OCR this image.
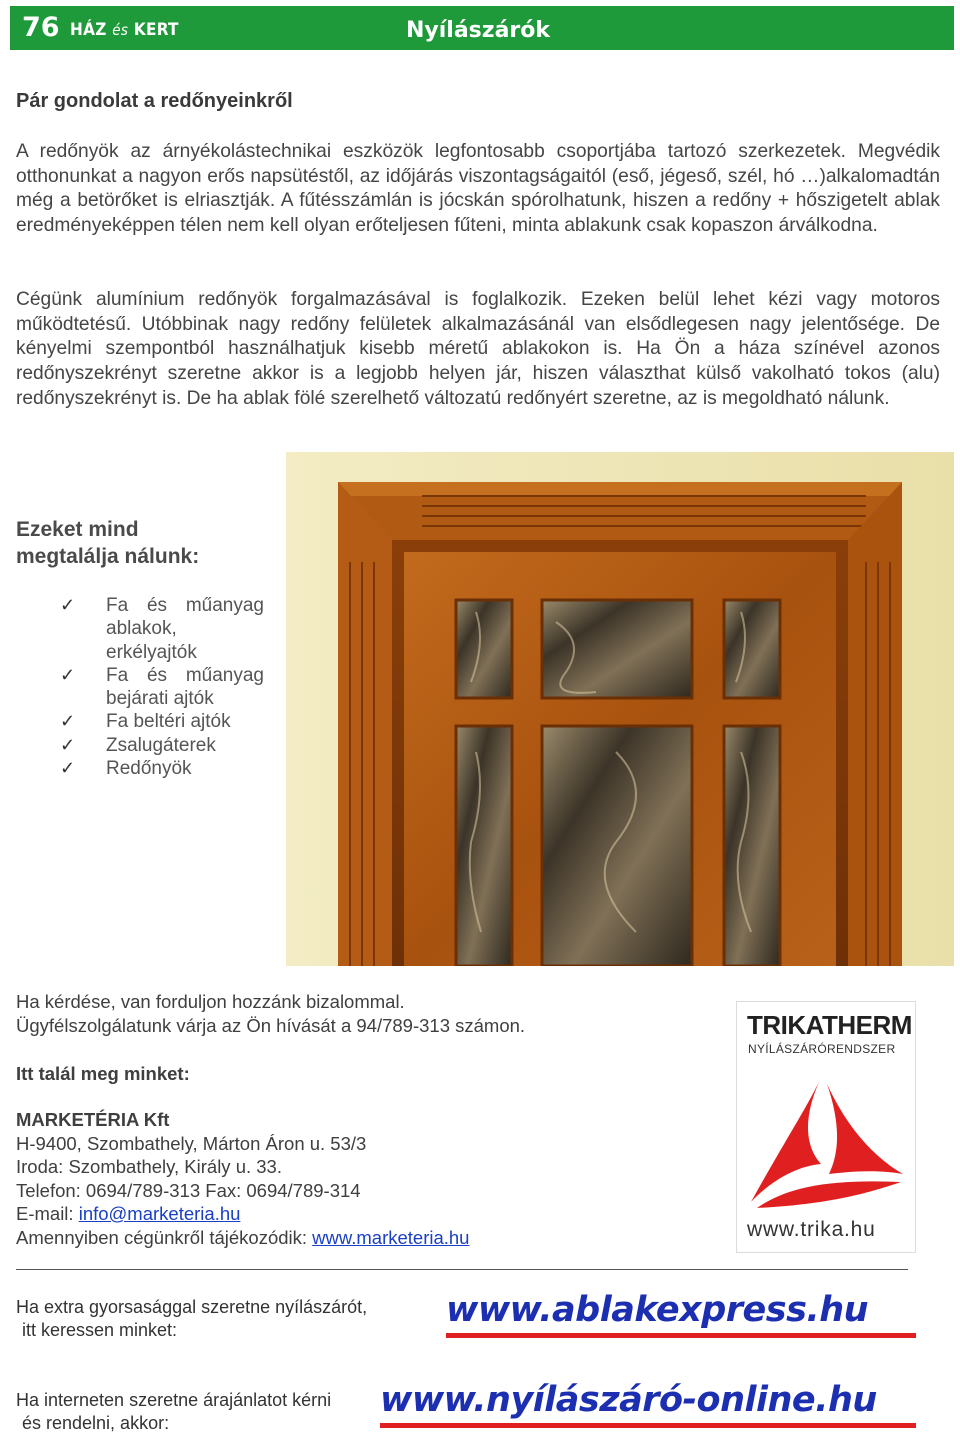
76 HÁZ és KERT	Nyílászárók
Pár gondolat a redőnyeinkről

A redőnyök az árnyékolástechnikai eszközök legfontosabb csoportjába tartozó szerkezetek. Megvédik otthonunkat a nagyon erős napsütéstől, az időjárás viszontagságaitól (eső, jégeső, szél, hó …)alkalomadtán még a betörőket is elriasztják. A fűtésszámlán is jócskán spórolhatunk, hiszen a redőny + hőszigetelt ablak eredményeképpen télen nem kell olyan erőteljesen fűteni, minta ablakunk csak kopaszon árválkodna.

Cégünk alumínium redőnyök forgalmazásával is foglalkozik. Ezeken belül lehet kézi vagy motoros működtetésű. Utóbbinak nagy redőny felületek alkalmazásánál van elsődlegesen nagy jelentősége. De kényelmi szempontból használhatjuk kisebb méretű ablakokon is. Ha Ön a háza színével azonos redőnyszekrényt szeretne akkor is a legjobb helyen jár, hiszen választhat külső vakolható tokos (alu) redőnyszekrényt is. De ha ablak fölé szerelhető változatú redőnyért szeretne, az is megoldható nálunk.

Ezeket mind
megtalálja nálunk:
✓ Fa és műanyag ablakok, erkélyajtók
✓ Fa és műanyag bejárati ajtók
✓ Fa beltéri ajtók
✓ Zsalugáterek
✓ Redőnyök
Ha kérdése, van forduljon hozzánk bizalommal.
Ügyfélszolgálatunk várja az Ön hívását a 94/789-313 számon.
Itt talál meg minket:
MARKETÉRIA Kft
H-9400, Szombathely, Márton Áron u. 53/3
Iroda: Szombathely, Király u. 33.
Telefon: 0694/789-313 Fax: 0694/789-314
E-mail: info@marketeria.hu
Amennyiben cégünkről tájékozódik: www.marketeria.hu
TRIKATHERM
NYÍLÁSZÁRÓRENDSZER
www.trika.hu
Ha extra gyorsasággal szeretne nyílászárót,
itt keressen minket:	www.ablakexpress.hu
Ha interneten szeretne árajánlatot kérni
és rendelni, akkor:
www.nyílászáró-online.hu
